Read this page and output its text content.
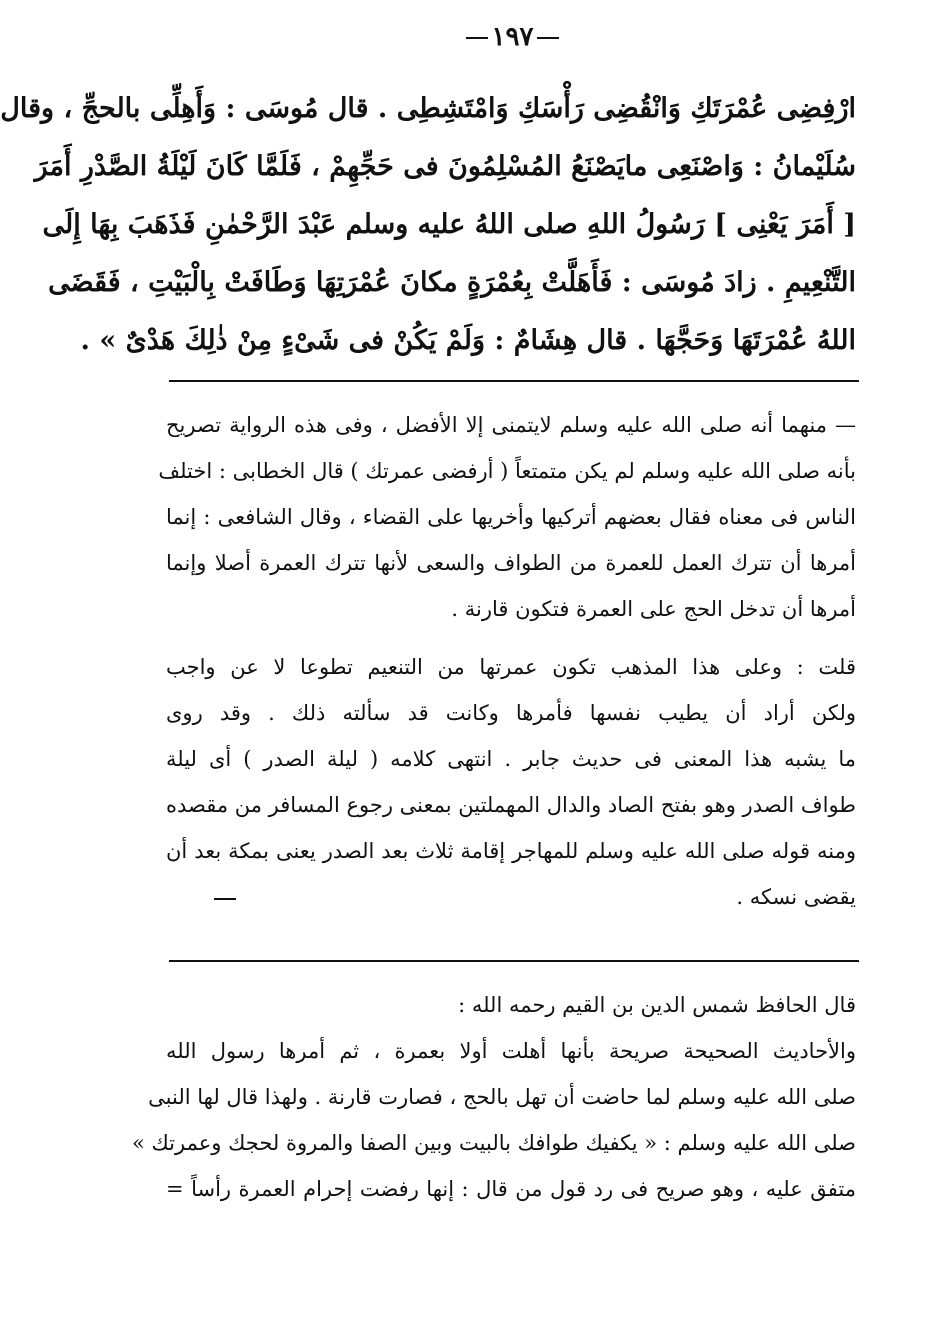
١٩٧
ارْفِضِى عُمْرَتَكِ وَانْقُضِى رَأْسَكِ وَامْتَشِطِى . قال مُوسَى : وَأَهِلِّى بالحجِّ ، وقال
سُلَيْمانُ : وَاصْنَعِى مايَصْنَعُ المُسْلِمُونَ فى حَجِّهِمْ ، فَلَمَّا كَانَ لَيْلَةُ الصَّدْرِ أَمَرَ
[ أَمَرَ يَعْنِى ] رَسُولُ اللهِ صلى اللهُ عليه وسلم عَبْدَ الرَّحْمٰنِ فَذَهَبَ بِهَا إِلَى
التَّنْعِيمِ . زادَ مُوسَى : فَأَهَلَّتْ بِعُمْرَةٍ مكانَ عُمْرَتِهَا وَطَافَتْ بِالْبَيْتِ ، فَقَضَى
اللهُ عُمْرَتَهَا وَحَجَّهَا . قال هِشَامٌ : وَلَمْ يَكُنْ فى شَىْءٍ مِنْ ذٰلِكَ هَدْىٌ » .
— منهما أنه صلى الله عليه وسلم لايتمنى إلا الأفضل ، وفى هذه الرواية تصريح
بأنه صلى الله عليه وسلم لم يكن متمتعاً ( أرفضى عمرتك ) قال الخطابى : اختلف
الناس فى معناه فقال بعضهم أتركيها وأخريها على القضاء ، وقال الشافعى : إنما
أمرها أن تترك العمل للعمرة من الطواف والسعى لأنها تترك العمرة أصلا وإنما
أمرها أن تدخل الحج على العمرة فتكون قارنة .
قلت : وعلى هذا المذهب تكون عمرتها من التنعيم تطوعا لا عن واجب
ولكن أراد أن يطيب نفسها فأمرها وكانت قد سألته ذلك . وقد روى
ما يشبه هذا المعنى فى حديث جابر . انتهى كلامه ( ليلة الصدر ) أى ليلة
طواف الصدر وهو بفتح الصاد والدال المهملتين بمعنى رجوع المسافر من مقصده
ومنه قوله صلى الله عليه وسلم للمهاجر إقامة ثلاث بعد الصدر يعنى بمكة بعد أن
يقضى نسكه .
قال الحافظ شمس الدين بن القيم رحمه الله :
والأحاديث الصحيحة صريحة بأنها أهلت أولا بعمرة ، ثم أمرها رسول الله
صلى الله عليه وسلم لما حاضت أن تهل بالحج ، فصارت قارنة . ولهذا قال لها النبى
صلى الله عليه وسلم : « يكفيك طوافك بالبيت وبين الصفا والمروة لحجك وعمرتك »
متفق عليه ، وهو صريح فى رد قول من قال : إنها رفضت إحرام العمرة رأساً =
